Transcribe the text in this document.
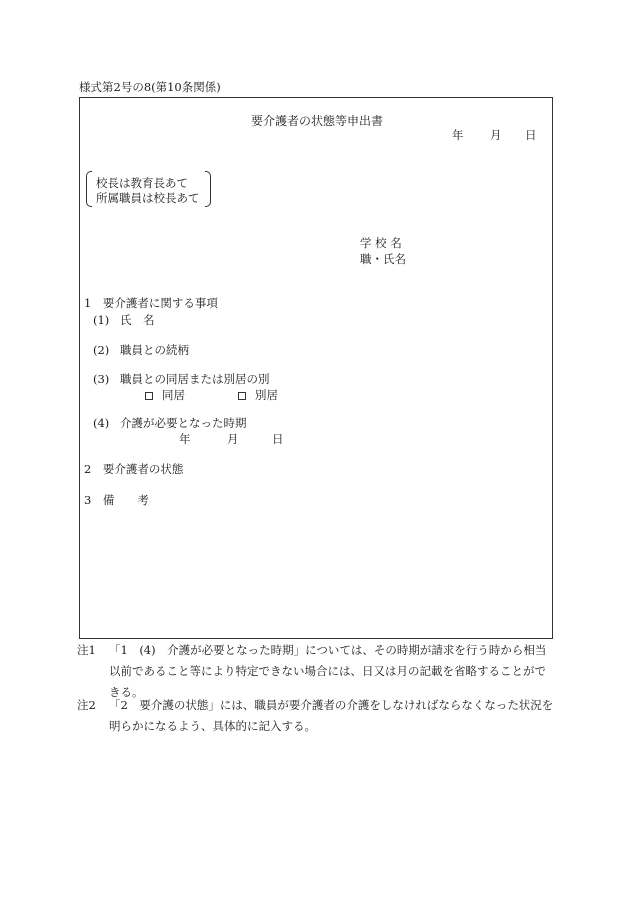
様式第2号の8(第10条関係)
要介護者の状態等申出書
年 月 日
校長は教育長あて
所属職員は校長あて
学 校 名
職・氏名
1　要介護者に関する事項
(1) 氏　名
(2) 職員との続柄
(3) 職員との同居または別居の別
同居	別居
(4) 介護が必要となった時期
年	月	日
2　要介護者の状態
3　備　　考
注1 「1　(4)　介護が必要となった時期」については、その時期が請求を行う時から相当以前であること等により特定できない場合には、日又は月の記載を省略することができる。
注2 「2　要介護の状態」には、職員が要介護者の介護をしなければならなくなった状況を明らかになるよう、具体的に記入する。
